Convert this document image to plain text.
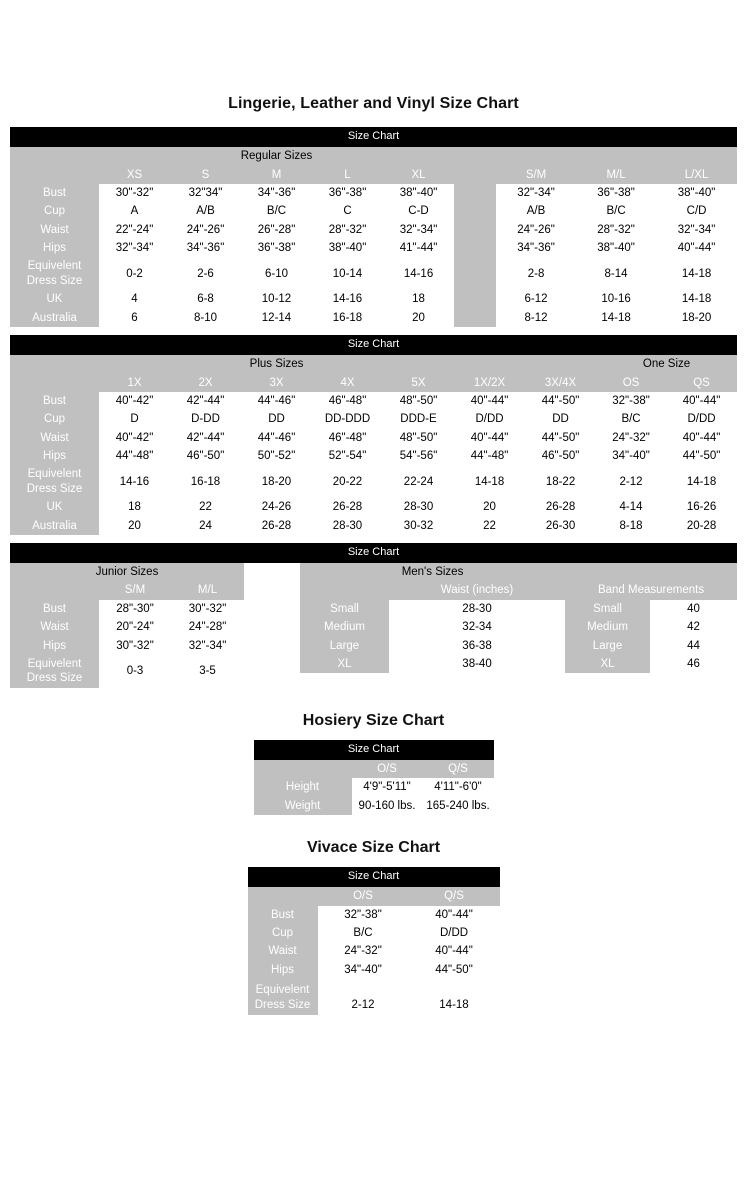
Lingerie, Leather and Vinyl Size Chart
Size Chart
	Regular Sizes								
	XS	S	M	L	XL		S/M	M/L	L/XL
Bust	30"-32"	32"34"	34"-36"	36"-38"	38"-40"		32"-34"	36"-38"	38"-40"
Cup	A	A/B	B/C	C	C-D		A/B	B/C	C/D
Waist	22"-24"	24"-26"	26"-28"	28"-32"	32"-34"		24"-26"	28"-32"	32"-34"
Hips	32"-34"	34"-36"	36"-38"	38"-40"	41"-44"		34"-36"	38"-40"	40"-44"
Equivelent Dress Size	0-2	2-6	6-10	10-14	14-16		2-8	8-14	14-18
UK	4	6-8	10-12	14-16	18		6-12	10-16	14-18
Australia	6	8-10	12-14	16-18	20		8-12	14-18	18-20
Size Chart
	Plus Sizes							One Size	
	1X	2X	3X	4X	5X	1X/2X	3X/4X	OS	QS
Bust	40"-42"	42"-44"	44"-46"	46"-48"	48"-50"	40"-44"	44"-50"	32"-38"	40"-44"
Cup	D	D-DD	DD	DD-DDD	DDD-E	D/DD	DD	B/C	D/DD
Waist	40"-42"	42"-44"	44"-46"	46"-48"	48"-50"	40"-44"	44"-50"	24"-32"	40"-44"
Hips	44"-48"	46"-50"	50"-52"	52"-54"	54"-56"	44"-48"	46"-50"	34"-40"	44"-50"
Equivelent Dress Size	14-16	16-18	18-20	20-22	22-24	14-18	18-22	2-12	14-18
UK	18	22	24-26	26-28	28-30	20	26-28	4-14	16-26
Australia	20	24	26-28	28-30	30-32	22	26-30	8-18	20-28
Size Chart
Junior Sizes		
	S/M	M/L
Bust	28"-30"	30"-32"
Waist	20"-24"	24"-28"
Hips	30"-32"	32"-34"
Equivelent Dress Size	0-3	3-5
Men's Sizes			
	Waist (inches)	Band Measurements	
Small	28-30	Small	40
Medium	32-34	Medium	42
Large	36-38	Large	44
XL	38-40	XL	46
Hosiery Size Chart
Size Chart
	O/S	Q/S
Height	4'9"-5'11"	4'11"-6'0"
Weight	90-160 lbs.	165-240 lbs.
Vivace Size Chart
Size Chart
	O/S	Q/S
Bust	32"-38"	40"-44"
Cup	B/C	D/DD
Waist	24"-32"	40"-44"
Hips	34"-40"	44"-50"
Equivelent Dress Size	2-12	14-18
